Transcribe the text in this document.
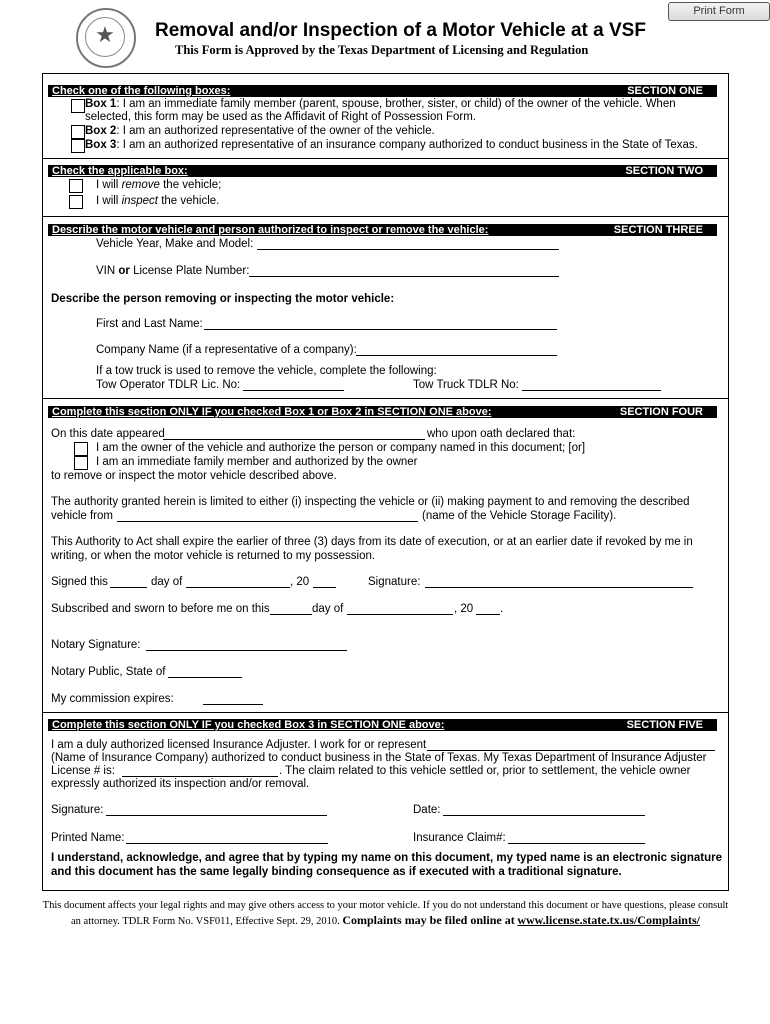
Print Form
★	Removal and/or Inspection of a Motor Vehicle at a VSF
This Form is Approved by the Texas Department of Licensing and Regulation
Check one of the following boxes:	SECTION ONE
Box 1: I am an immediate family member (parent, spouse, brother, sister, or child) of the owner of the vehicle. When
selected, this form may be used as the Affidavit of Right of Possession Form.
Box 2: I am an authorized representative of the owner of the vehicle.
Box 3: I am an authorized representative of an insurance company authorized to conduct business in the State of Texas.
Check the applicable box:	SECTION TWO
I will remove the vehicle;
I will inspect the vehicle.
Describe the motor vehicle and person authorized to inspect or remove the vehicle:	SECTION THREE
Vehicle Year, Make and Model:
VIN or License Plate Number:
Describe the person removing or inspecting the motor vehicle:
First and Last Name:
Company Name (if a representative of a company):
If a tow truck is used to remove the vehicle, complete the following:
Tow Operator TDLR Lic. No:	Tow Truck TDLR No:
Complete this section ONLY IF you checked Box 1 or Box 2 in SECTION ONE above:	SECTION FOUR
On this date appeared	who upon oath declared that:
I am the owner of the vehicle and authorize the person or company named in this document; [or]
I am an immediate family member and authorized by the owner
to remove or inspect the motor vehicle described above.
The authority granted herein is limited to either (i) inspecting the vehicle or (ii) making payment to and removing the described
vehicle from	(name of the Vehicle Storage Facility).
This Authority to Act shall expire the earlier of three (3) days from its date of execution, or at an earlier date if revoked by me in
writing, or when the motor vehicle is returned to my possession.
Signed this	day of	, 20	Signature:
Subscribed and sworn to before me on this	day of	, 20 .
Notary Signature:
Notary Public, State of
My commission expires:
Complete this section ONLY IF you checked Box 3 in SECTION ONE above:	SECTION FIVE
I am a duly authorized licensed Insurance Adjuster. I work for or represent
(Name of Insurance Company) authorized to conduct business in the State of Texas. My Texas Department of Insurance Adjuster
License # is:	. The claim related to this vehicle settled or, prior to settlement, the vehicle owner
expressly authorized its inspection and/or removal.
Signature:	Date:
Printed Name:	Insurance Claim#:
I understand, acknowledge, and agree that by typing my name on this document, my typed name is an electronic signature
and this document has the same legally binding consequence as if executed with a traditional signature.
This document affects your legal rights and may give others access to your motor vehicle. If you do not understand this document or have questions, please consult
an attorney. TDLR Form No. VSF011, Effective Sept. 29, 2010. Complaints may be filed online at www.license.state.tx.us/Complaints/
